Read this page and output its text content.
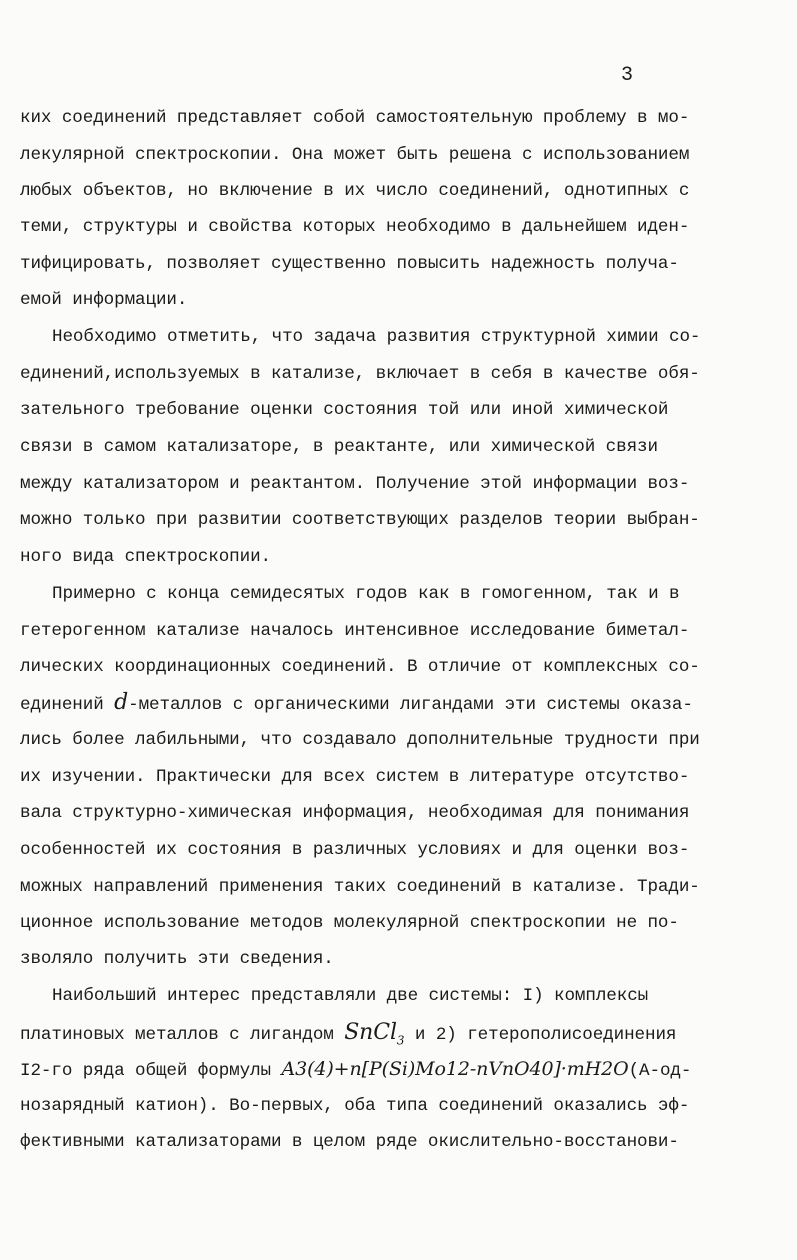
3
ких соединений представляет собой самостоятельную проблему в мо-
лекулярной спектроскопии. Она может быть решена с использованием
любых объектов, но включение в их число соединений, однотипных с
теми, структуры и свойства которых необходимо в дальнейшем иден-
тифицировать, позволяет существенно повысить надежность получа-
емой информации.
Необходимо отметить, что задача развития структурной химии со-
единений,используемых в катализе, включает в себя в качестве обя-
зательного требование оценки состояния той или иной химической
связи в самом катализаторе, в реактанте, или химической связи
между катализатором и реактантом. Получение этой информации воз-
можно только при развитии соответствующих разделов теории выбран-
ного вида спектроскопии.
Примерно с конца семидесятых годов как в гомогенном, так и в
гетерогенном катализе началось интенсивное исследование биметал-
лических координационных соединений. В отличие от комплексных со-
единений d-металлов с органическими лигандами эти системы оказа-
лись более лабильными, что создавало дополнительные трудности при
их изучении. Практически для всех систем в литературе отсутство-
вала структурно-химическая информация, необходимая для понимания
особенностей их состояния в различных условиях и для оценки воз-
можных направлений применения таких соединений в катализе. Тради-
ционное использование методов молекулярной спектроскопии не по-
зволяло получить эти сведения.
Наибольший интерес представляли две системы: I) комплексы
платиновых металлов с лигандом SnCl$_3$ и 2) гетерополисоединения
I2-го ряда общей формулы A3(4)+n[P(Si)Mo12-nVnO40]·mH2O(A-од-
нозарядный катион). Во-первых, оба типа соединений оказались эф-
фективными катализаторами в целом ряде окислительно-восстанови-
